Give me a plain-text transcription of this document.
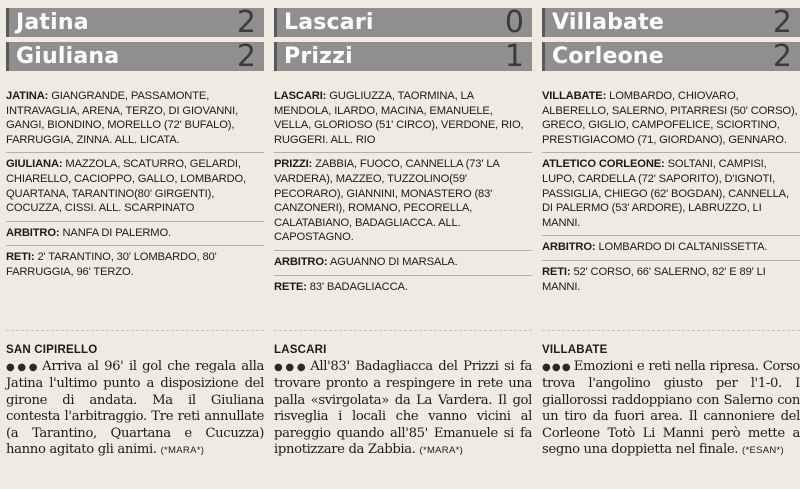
Jatina	2
Giuliana	2
JATINA: GIANGRANDE, PASSAMONTE, INTRAVAGLIA, ARENA, TERZO, DI GIOVANNI, GANGI, BIONDINO, MORELLO (72' BUFALO), FARRUGGIA, ZINNA. ALL. LICATA.
GIULIANA: MAZZOLA, SCATURRO, GELARDI, CHIARELLO, CACIOPPO, GALLO, LOMBARDO, QUARTANA, TARANTINO(80' GIRGENTI), COCUZZA, CISSI. ALL. SCARPINATO
ARBITRO: NANFA DI PALERMO.
RETI: 2' TARANTINO, 30' LOMBARDO, 80' FARRUGGIA, 96' TERZO.
SAN CIPIRELLO
●●● Arriva al 96' il gol che regala alla Jatina l'ultimo punto a disposizione del girone di andata. Ma il Giuliana contesta l'arbitraggio. Tre reti annullate (a Tarantino, Quartana e Cucuzza) hanno agitato gli animi. (*MARA*)
Lascari	0
Prizzi	1
LASCARI: GUGLIUZZA, TAORMINA, LA MENDOLA, ILARDO, MACINA, EMANUELE, VELLA, GLORIOSO (51' CIRCO), VERDONE, RIO, RUGGERI. ALL. RIO
PRIZZI: ZABBIA, FUOCO, CANNELLA (73' LA VARDERA), MAZZEO, TUZZOLINO(59' PECORARO), GIANNINI, MONASTERO (83' CANZONERI), ROMANO, PECORELLA, CALATABIANO, BADAGLIACCA. ALL. CAPOSTAGNO.
ARBITRO: AGUANNO DI MARSALA.
RETE: 83' BADAGLIACCA.
LASCARI
●●● All'83' Badagliacca del Prizzi si fa trovare pronto a respingere in rete una palla «svirgolata» da La Vardera. Il gol risveglia i locali che vanno vicini al pareggio quando all'85' Emanuele si fa ipnotizzare da Zabbia. (*MARA*)
Villabate	2
Corleone	2
VILLABATE: LOMBARDO, CHIOVARO, ALBERELLO, SALERNO, PITARRESI (50' CORSO), GRECO, GIGLIO, CAMPOFELICE, SCIORTINO, PRESTIGIACOMO (71, GIORDANO), GENNARO.
ATLETICO CORLEONE: SOLTANI, CAMPISI, LUPO, CARDELLA (72' SAPORITO), D'IGNOTI, PASSIGLIA, CHIEGO (62' BOGDAN), CANNELLA, DI PALERMO (53' ARDORE), LABRUZZO, LI MANNI.
ARBITRO: LOMBARDO DI CALTANISSETTA.
RETI: 52' CORSO, 66' SALERNO, 82' E 89' LI MANNI.
VILLABATE
●●● Emozioni e reti nella ripresa. Corso trova l'angolino giusto per l'1-0. I giallorossi raddoppiano con Salerno con un tiro da fuori area. Il cannoniere del Corleone Totò Li Manni però mette a segno una doppietta nel finale. (*ESAN*)
